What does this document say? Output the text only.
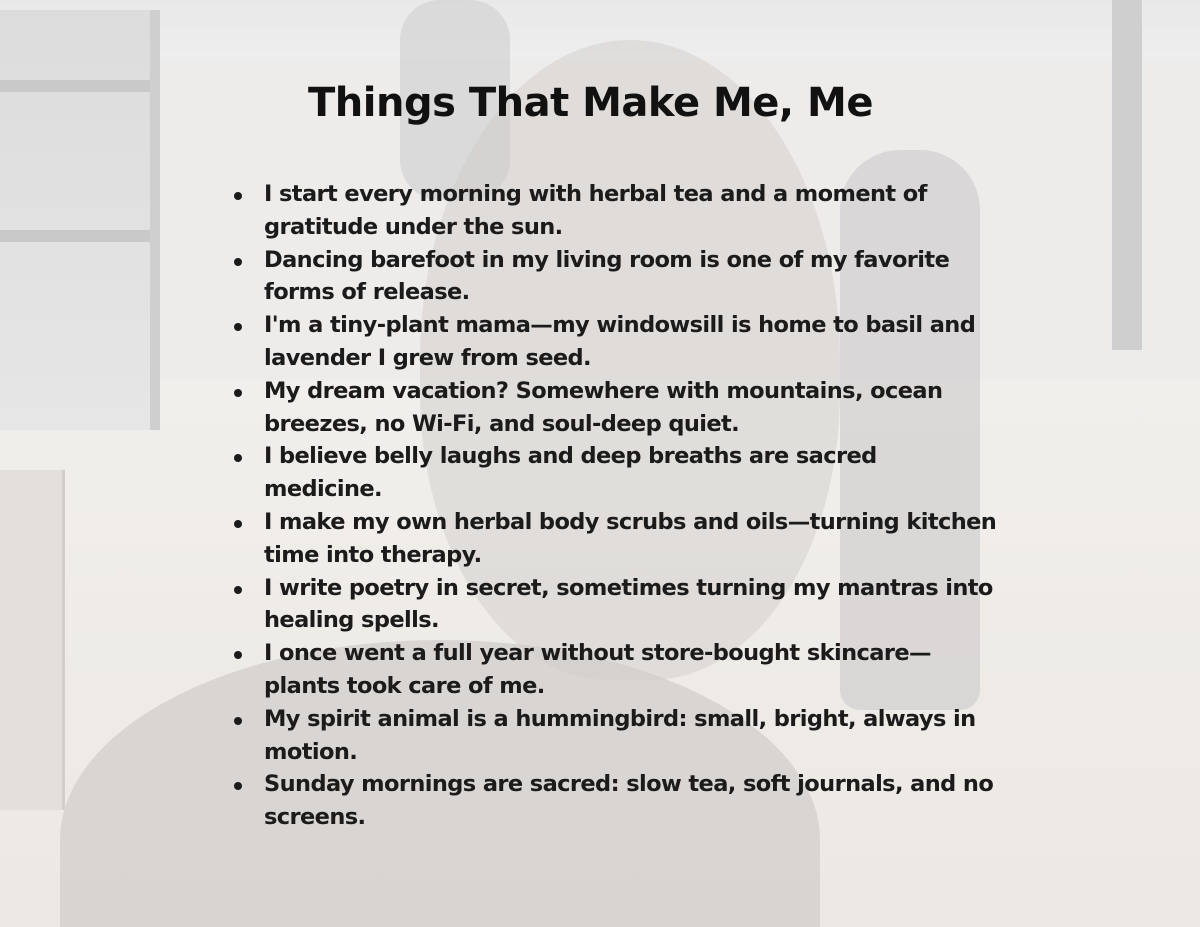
Things That Make Me, Me
I start every morning with herbal tea and a moment of gratitude under the sun.
Dancing barefoot in my living room is one of my favorite forms of release.
I'm a tiny-plant mama—my windowsill is home to basil and lavender I grew from seed.
My dream vacation? Somewhere with mountains, ocean breezes, no Wi-Fi, and soul-deep quiet.
I believe belly laughs and deep breaths are sacred medicine.
I make my own herbal body scrubs and oils—turning kitchen time into therapy.
I write poetry in secret, sometimes turning my mantras into healing spells.
I once went a full year without store-bought skincare—plants took care of me.
My spirit animal is a hummingbird: small, bright, always in motion.
Sunday mornings are sacred: slow tea, soft journals, and no screens.
